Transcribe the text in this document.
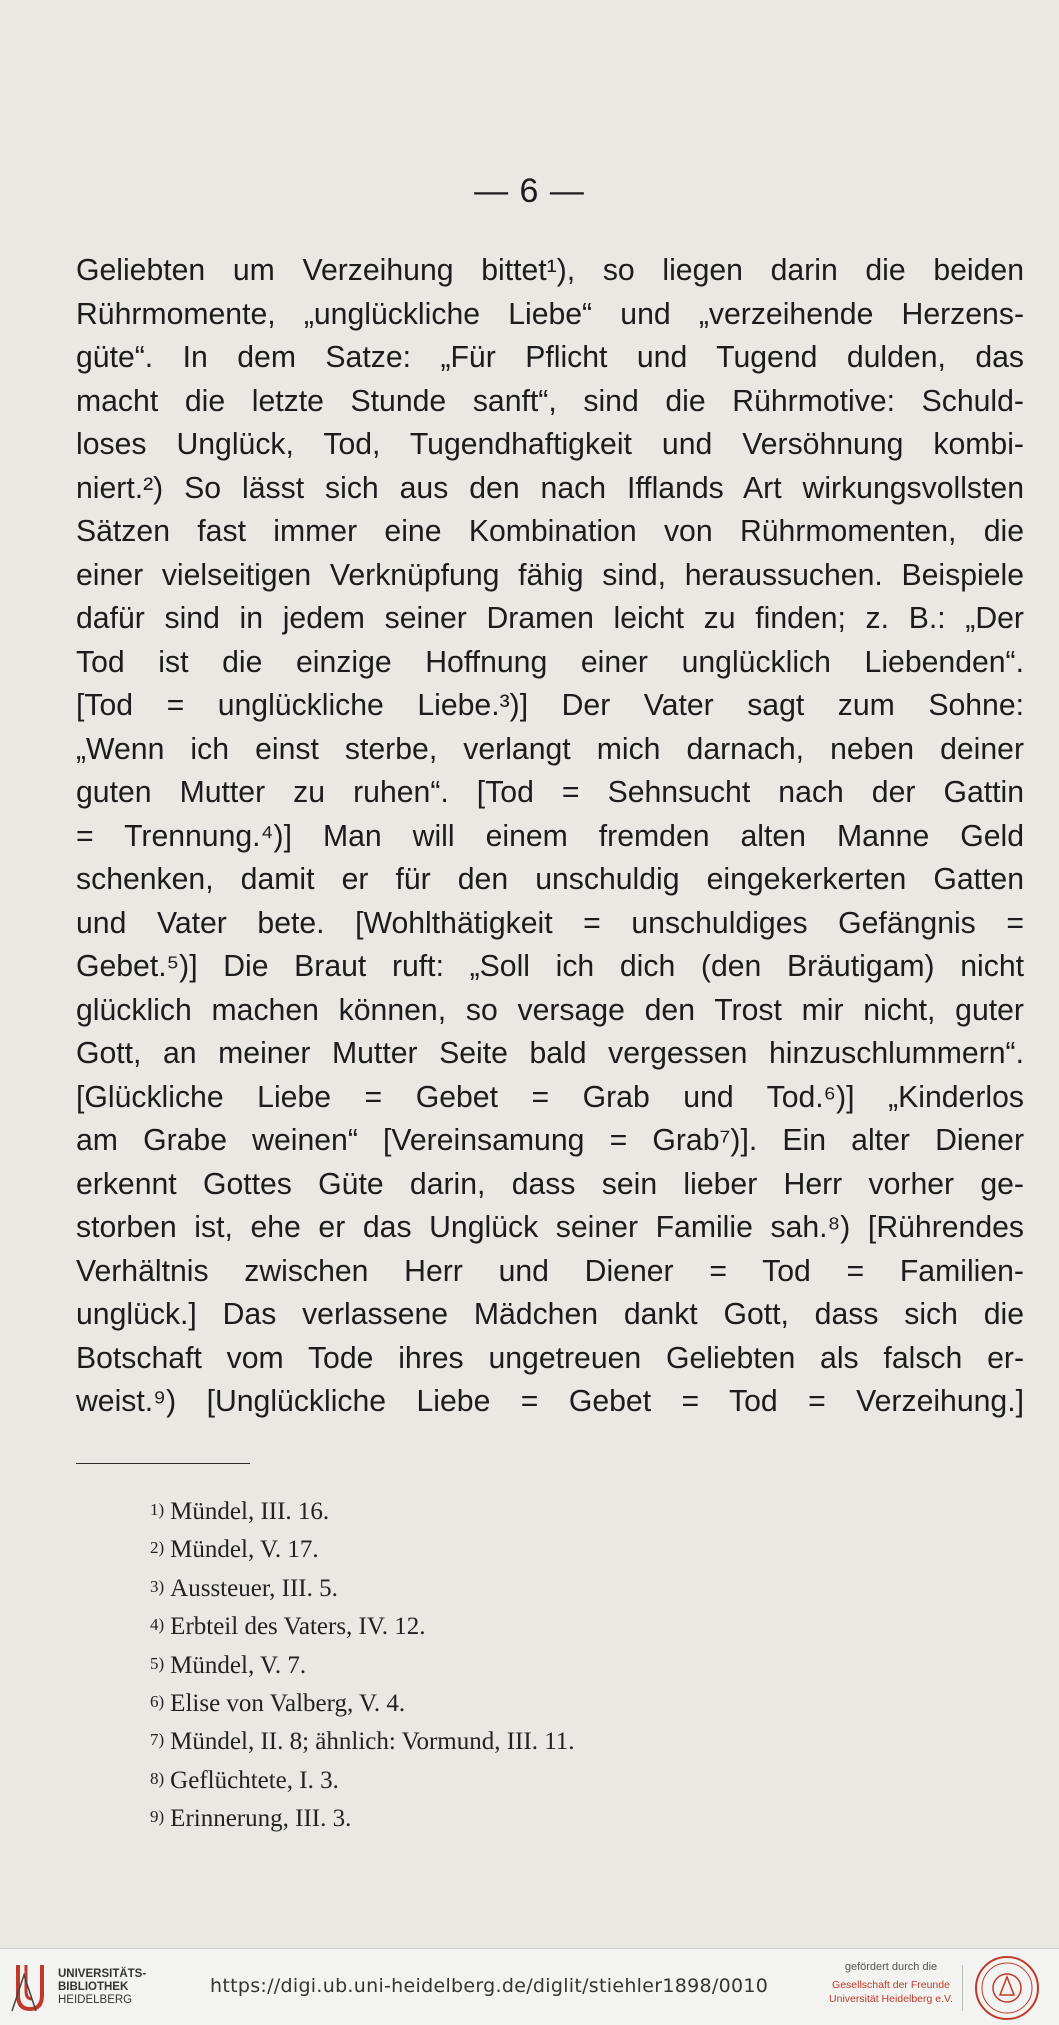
— 6 —
Geliebten um Verzeihung bittet¹), so liegen darin die beiden
Rührmomente, „unglückliche Liebe“ und „verzeihende Herzens-
güte“. In dem Satze: „Für Pflicht und Tugend dulden, das
macht die letzte Stunde sanft“, sind die Rührmotive: Schuld-
loses Unglück, Tod, Tugendhaftigkeit und Versöhnung kombi-
niert.²) So lässt sich aus den nach Ifflands Art wirkungsvollsten
Sätzen fast immer eine Kombination von Rührmomenten, die
einer vielseitigen Verknüpfung fähig sind, heraussuchen. Beispiele
dafür sind in jedem seiner Dramen leicht zu finden; z. B.: „Der
Tod ist die einzige Hoffnung einer unglücklich Liebenden“.
[Tod = unglückliche Liebe.³)] Der Vater sagt zum Sohne:
„Wenn ich einst sterbe, verlangt mich darnach, neben deiner
guten Mutter zu ruhen“. [Tod = Sehnsucht nach der Gattin
= Trennung.⁴)] Man will einem fremden alten Manne Geld
schenken, damit er für den unschuldig eingekerkerten Gatten
und Vater bete. [Wohlthätigkeit = unschuldiges Gefängnis =
Gebet.⁵)] Die Braut ruft: „Soll ich dich (den Bräutigam) nicht
glücklich machen können, so versage den Trost mir nicht, guter
Gott, an meiner Mutter Seite bald vergessen hinzuschlummern“.
[Glückliche Liebe = Gebet = Grab und Tod.⁶)] „Kinderlos
am Grabe weinen“ [Vereinsamung = Grab⁷)]. Ein alter Diener
erkennt Gottes Güte darin, dass sein lieber Herr vorher ge-
storben ist, ehe er das Unglück seiner Familie sah.⁸) [Rührendes
Verhältnis zwischen Herr und Diener = Tod = Familien-
unglück.] Das verlassene Mädchen dankt Gott, dass sich die
Botschaft vom Tode ihres ungetreuen Geliebten als falsch er-
weist.⁹) [Unglückliche Liebe = Gebet = Tod = Verzeihung.]
1) Mündel, III. 16.
2) Mündel, V. 17.
3) Aussteuer, III. 5.
4) Erbteil des Vaters, IV. 12.
5) Mündel, V. 7.
6) Elise von Valberg, V. 4.
7) Mündel, II. 8; ähnlich: Vormund, III. 11.
8) Geflüchtete, I. 3.
9) Erinnerung, III. 3.
UNIVERSITÄTS-
BIBLIOTHEK
HEIDELBERG
https://digi.ub.uni-heidelberg.de/diglit/stiehler1898/0010
gefördert durch die
Gesellschaft der Freunde
Universität Heidelberg e.V.
